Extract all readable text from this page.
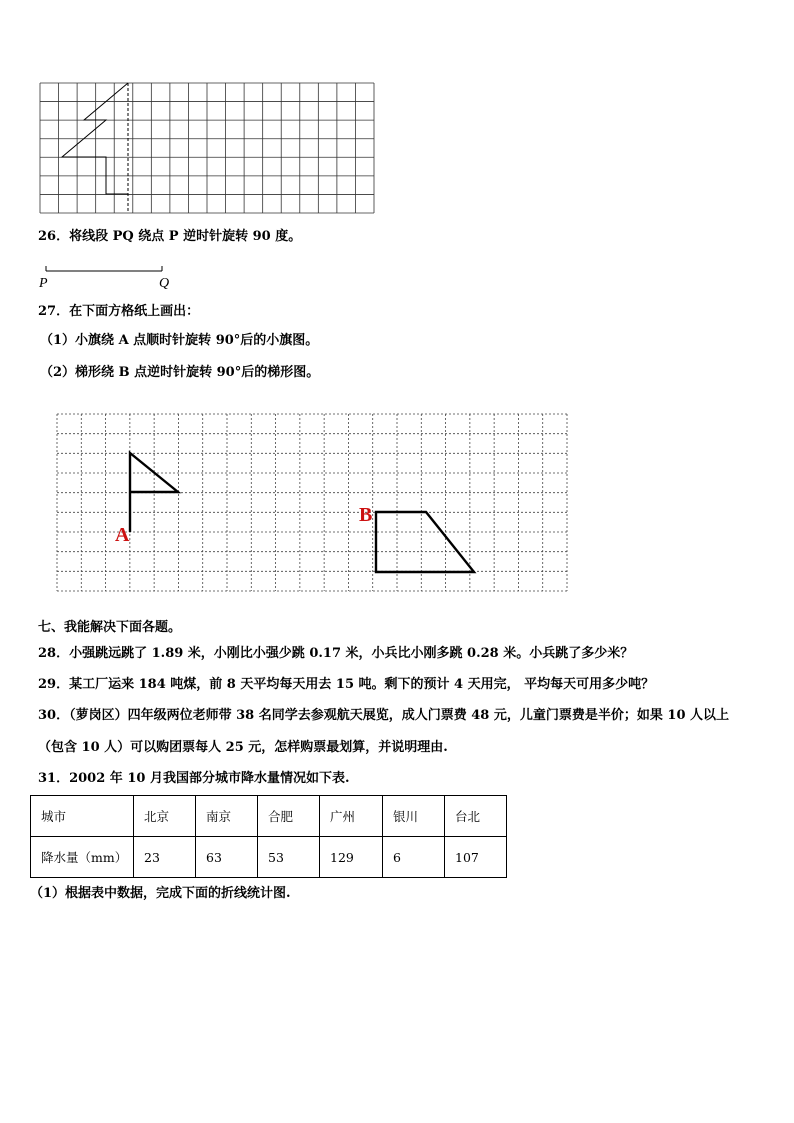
26．将线段 PQ 绕点 P 逆时针旋转 90 度。
P	Q
27．在下面方格纸上画出：
（1）小旗绕 A 点顺时针旋转 90°后的小旗图。
（2）梯形绕 B 点逆时针旋转 90°后的梯形图。
A
B
七、我能解决下面各题。
28．小强跳远跳了 1.89 米，小刚比小强少跳 0.17 米，小兵比小刚多跳 0.28 米。小兵跳了多少米？
29．某工厂运来 184 吨煤，前 8 天平均每天用去 15 吨。剩下的预计 4 天用完， 平均每天可用多少吨？
30．（萝岗区）四年级两位老师带 38 名同学去参观航天展览，成人门票费 48 元，儿童门票费是半价；如果 10 人以上
（包含 10 人）可以购团票每人 25 元，怎样购票最划算，并说明理由.
31．2002 年 10 月我国部分城市降水量情况如下表.
城市	北京	南京	合肥	广州	银川	台北
降水量（mm）	23	63	53	129	6	107
（1）根据表中数据，完成下面的折线统计图.
